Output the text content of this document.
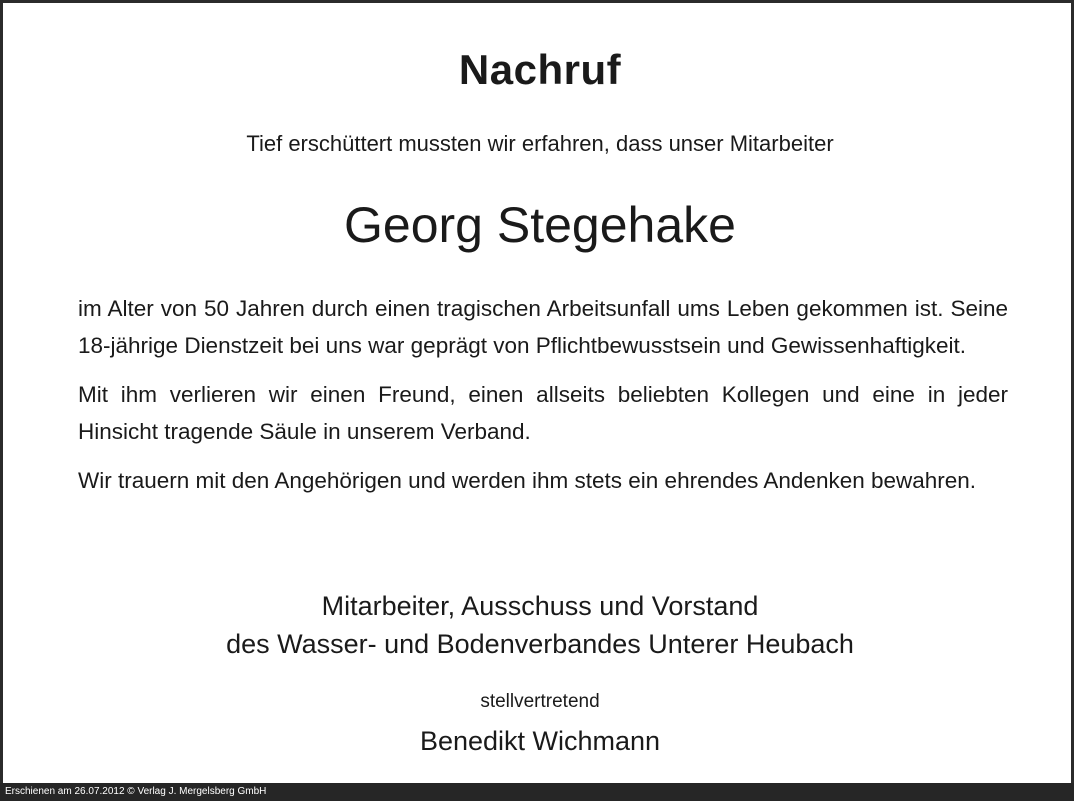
Nachruf
Tief erschüttert mussten wir erfahren, dass unser Mitarbeiter
Georg Stegehake

im Alter von 50 Jahren durch einen tragischen Arbeitsunfall ums Leben gekommen ist. Seine 18-jährige Dienstzeit bei uns war geprägt von Pflichtbewusstsein und Gewissenhaftigkeit.

Mit ihm verlieren wir einen Freund, einen allseits beliebten Kollegen und eine in jeder Hinsicht tragende Säule in unserem Verband.

Wir trauern mit den Angehörigen und werden ihm stets ein ehrendes Andenken bewahren.

Mitarbeiter, Ausschuss und Vorstand
des Wasser- und Bodenverbandes Unterer Heubach
stellvertretend
Benedikt Wichmann
Erschienen am 26.07.2012 © Verlag J. Mergelsberg GmbH
